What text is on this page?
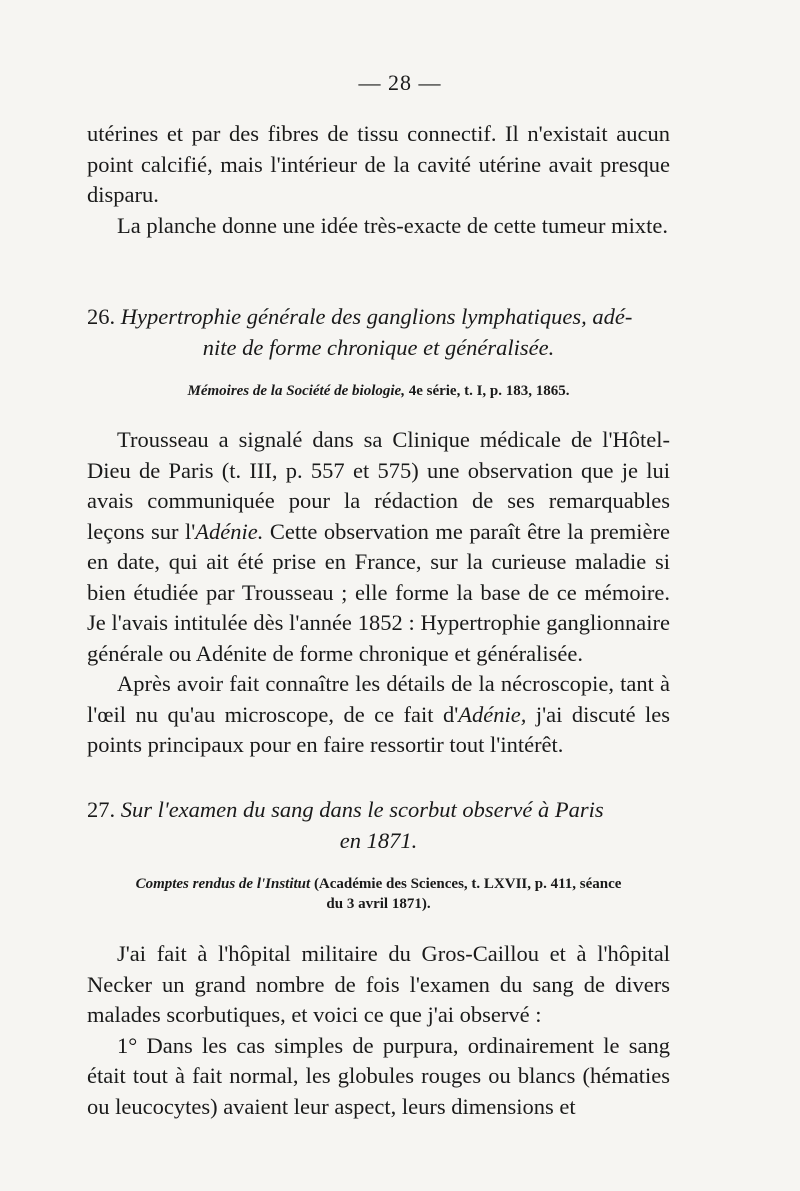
— 28 —

utérines et par des fibres de tissu connectif. Il n'existait aucun point calcifié, mais l'intérieur de la cavité utérine avait presque disparu.

La planche donne une idée très-exacte de cette tumeur mixte.

26. Hypertrophie générale des ganglions lymphatiques, adé-
nite de forme chronique et généralisée.
Mémoires de la Société de biologie, 4e série, t. I, p. 183, 1865.

Trousseau a signalé dans sa Clinique médicale de l'Hôtel-Dieu de Paris (t. III, p. 557 et 575) une observation que je lui avais communiquée pour la rédaction de ses remarquables leçons sur l'Adénie. Cette observation me paraît être la première en date, qui ait été prise en France, sur la curieuse maladie si bien étudiée par Trousseau ; elle forme la base de ce mémoire. Je l'avais intitulée dès l'année 1852 : Hypertrophie ganglionnaire générale ou Adénite de forme chronique et généralisée.

Après avoir fait connaître les détails de la nécroscopie, tant à l'œil nu qu'au microscope, de ce fait d'Adénie, j'ai discuté les points principaux pour en faire ressortir tout l'intérêt.

27. Sur l'examen du sang dans le scorbut observé à Paris
en 1871.
Comptes rendus de l'Institut (Académie des Sciences, t. LXVII, p. 411, séance
du 3 avril 1871).

J'ai fait à l'hôpital militaire du Gros-Caillou et à l'hôpital Necker un grand nombre de fois l'examen du sang de divers malades scorbutiques, et voici ce que j'ai observé :

1° Dans les cas simples de purpura, ordinairement le sang était tout à fait normal, les globules rouges ou blancs (hématies ou leucocytes) avaient leur aspect, leurs dimensions et
